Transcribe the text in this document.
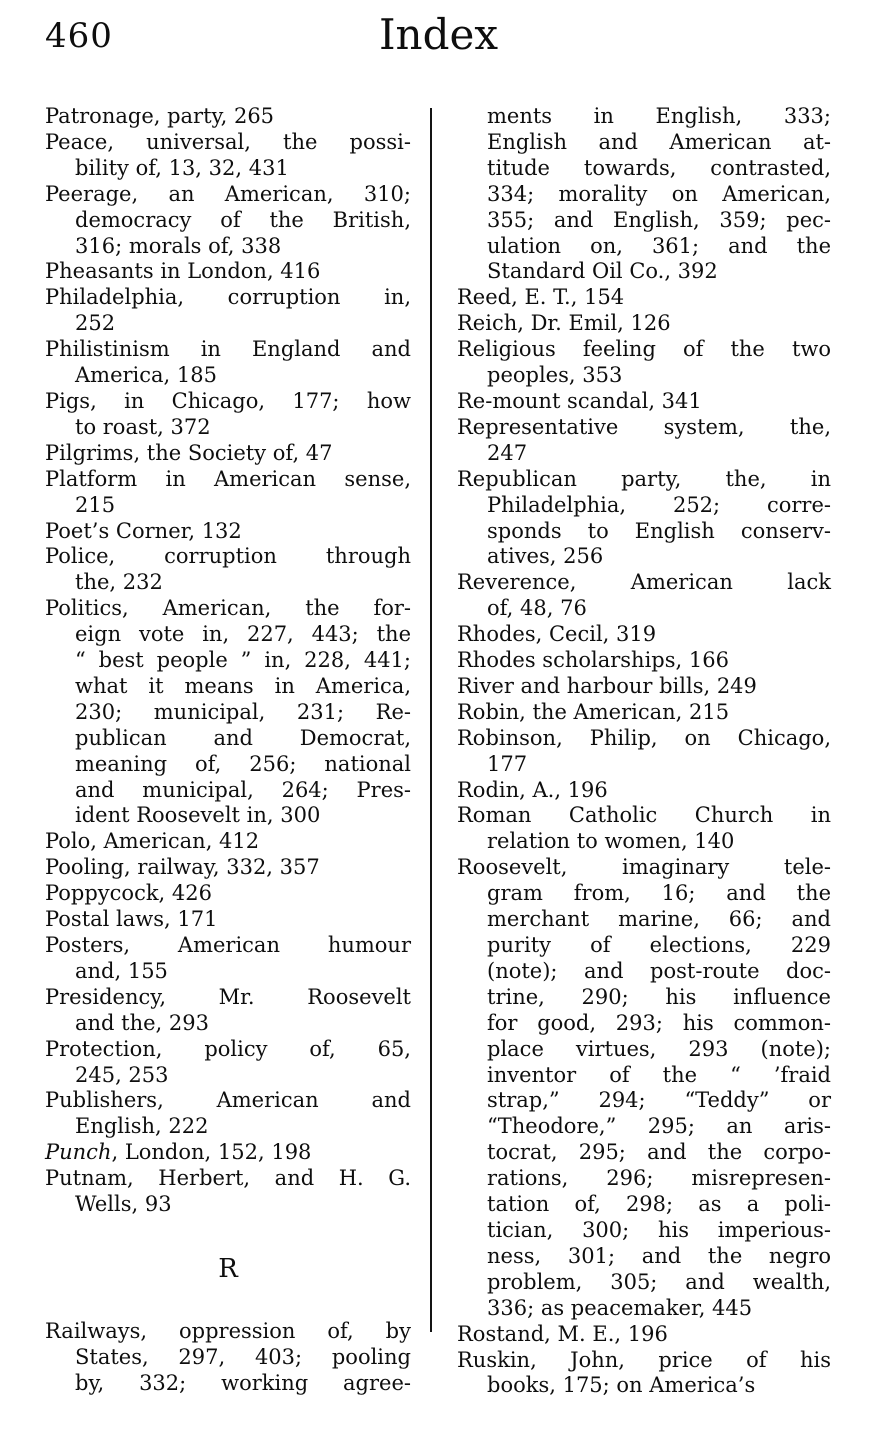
460	Index
Patronage, party, 265
Peace, universal, the possi-
bility of, 13, 32, 431
Peerage, an American, 310;
democracy of the British,
316; morals of, 338
Pheasants in London, 416
Philadelphia, corruption in,
252
Philistinism in England and
America, 185
Pigs, in Chicago, 177; how
to roast, 372
Pilgrims, the Society of, 47
Platform in American sense,
215
Poet’s Corner, 132
Police, corruption through
the, 232
Politics, American, the for-
eign vote in, 227, 443; the
“ best people ” in, 228, 441;
what it means in America,
230; municipal, 231; Re-
publican and Democrat,
meaning of, 256; national
and municipal, 264; Pres-
ident Roosevelt in, 300
Polo, American, 412
Pooling, railway, 332, 357
Poppycock, 426
Postal laws, 171
Posters, American humour
and, 155
Presidency, Mr. Roosevelt
and the, 293
Protection, policy of, 65,
245, 253
Publishers, American and
English, 222
Punch, London, 152, 198
Putnam, Herbert, and H. G.
Wells, 93
R
Railways, oppression of, by
States, 297, 403; pooling
by, 332; working agree-
ments in English, 333;
English and American at-
titude towards, contrasted,
334; morality on American,
355; and English, 359; pec-
ulation on, 361; and the
Standard Oil Co., 392
Reed, E. T., 154
Reich, Dr. Emil, 126
Religious feeling of the two
peoples, 353
Re-mount scandal, 341
Representative system, the,
247
Republican party, the, in
Philadelphia, 252; corre-
sponds to English conserv-
atives, 256
Reverence, American lack
of, 48, 76
Rhodes, Cecil, 319
Rhodes scholarships, 166
River and harbour bills, 249
Robin, the American, 215
Robinson, Philip, on Chicago,
177
Rodin, A., 196
Roman Catholic Church in
relation to women, 140
Roosevelt, imaginary tele-
gram from, 16; and the
merchant marine, 66; and
purity of elections, 229
(note); and post-route doc-
trine, 290; his influence
for good, 293; his common-
place virtues, 293 (note);
inventor of the “ ’fraid
strap,” 294; “Teddy” or
“Theodore,” 295; an aris-
tocrat, 295; and the corpo-
rations, 296; misrepresen-
tation of, 298; as a poli-
tician, 300; his imperious-
ness, 301; and the negro
problem, 305; and wealth,
336; as peacemaker, 445
Rostand, M. E., 196
Ruskin, John, price of his
books, 175; on America’s
